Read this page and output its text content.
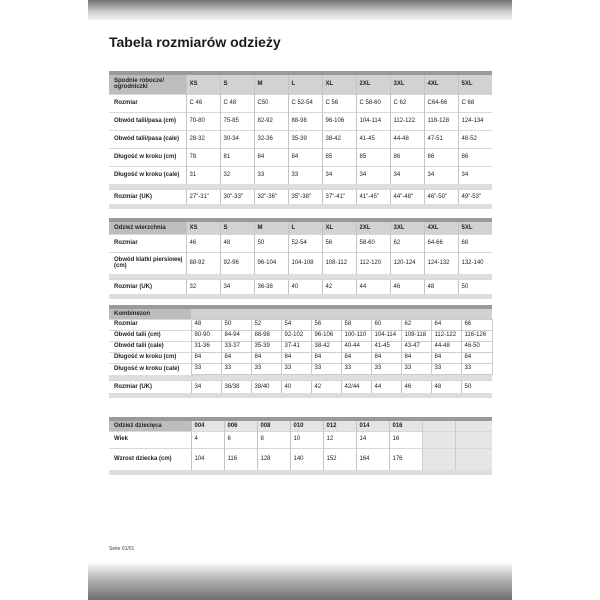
Tabela rozmiarów odzieży

Spodnie robocze/ ogrodniczki	XS	S	M	L	XL	2XL	3XL	4XL	5XL
Rozmiar	C 46	C 48	C50	C 52-54	C 56	C 58-60	C 62	C64-66	C 68
Obwód talii/pasa (cm)	70-80	75-85	82-92	88-98	96-106	104-114	112-122	118-128	124-134
Obwód talii/pasa (cale)	28-32	30-34	32-36	35-39	38-42	41-45	44-48	47-51	48-52
Długość w kroku (cm)	78	81	84	84	85	85	86	86	86
Długość w kroku (cale)	31	32	33	33	34	34	34	34	34

Rozmiar (UK)	27"-31"	30"-33"	32"-36"	35"-38"	37"-41"	41"-45"	44"-48"	46"-50"	49"-53"

Odzież wierzchnia	XS	S	M	L	XL	2XL	3XL	4XL	5XL
Rozmiar	46	48	50	52-54	56	58-60	62	64-66	68
Obwód klatki piersiowej (cm)	88-92	92-96	96-104	104-108	108-112	112-120	120-124	124-132	132-140

Rozmiar (UK)	32	34	36-38	40	42	44	46	48	50

Kombinezon										
Rozmiar	48	50	52	54	56	58	60	62	64	66
Obwód talii (cm)	80-90	84-94	88-98	92-102	96-106	100-110	104-114	108-118	112-122	116-126
Obwód talii (cale)	31-36	33-37	35-39	37-41	38-42	40-44	41-45	43-47	44-48	46-50
Długość w kroku (cm)	84	84	84	84	84	84	84	84	84	84
Długość w kroku (cale)	33	33	33	33	33	33	33	33	33	33

Rozmiar (UK)	34	36/38	38/40	40	42	42/44	44	46	48	50

Odzież dziecięca	004	006	008	010	012	014	016		
Wiek	4	6	8	10	12	14	16		
Wzrost dziecka (cm)	104	116	128	140	152	164	176		

Seite 01/01
